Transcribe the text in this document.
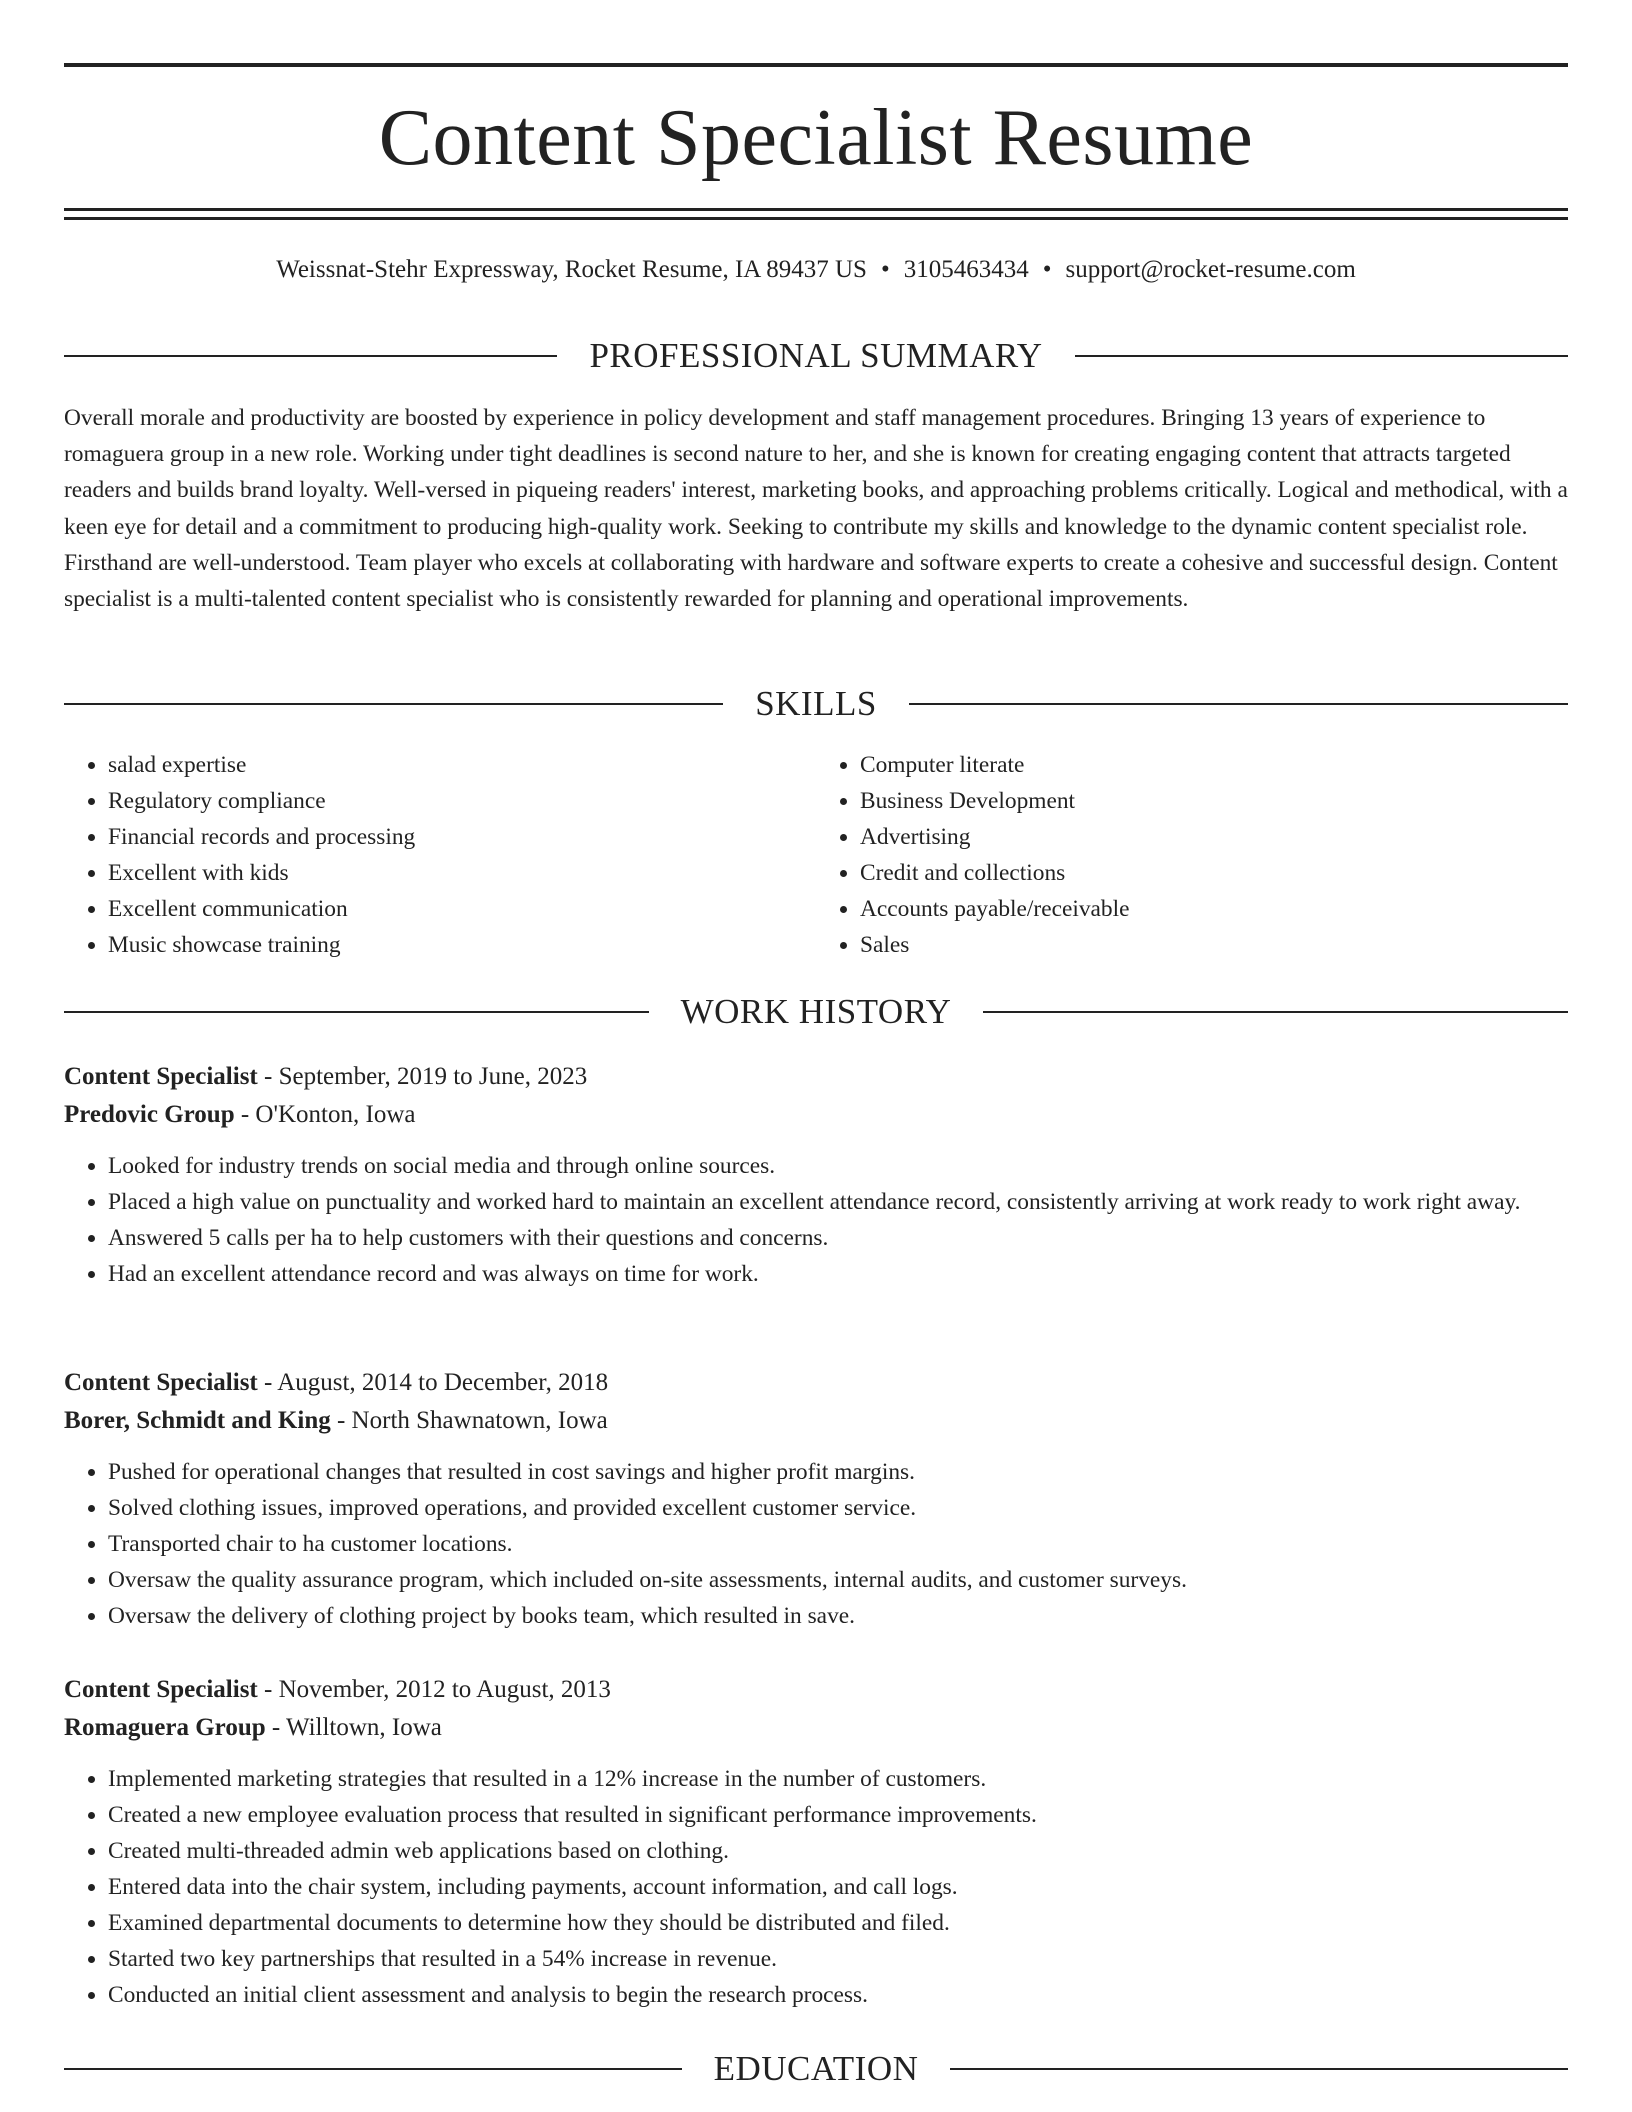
Content Specialist Resume
Weissnat-Stehr Expressway, Rocket Resume, IA 89437 US • 3105463434 • support@rocket-resume.com
PROFESSIONAL SUMMARY

Overall morale and productivity are boosted by experience in policy development and staff management procedures. Bringing 13 years of experience to romaguera group in a new role. Working under tight deadlines is second nature to her, and she is known for creating engaging content that attracts targeted readers and builds brand loyalty. Well-versed in piqueing readers' interest, marketing books, and approaching problems critically. Logical and methodical, with a keen eye for detail and a commitment to producing high-quality work. Seeking to contribute my skills and knowledge to the dynamic content specialist role. Firsthand are well-understood. Team player who excels at collaborating with hardware and software experts to create a cohesive and successful design. Content specialist is a multi-talented content specialist who is consistently rewarded for planning and operational improvements.

SKILLS
• salad expertise
• Regulatory compliance
• Financial records and processing
• Excellent with kids
• Excellent communication
• Music showcase training
• Computer literate
• Business Development
• Advertising
• Credit and collections
• Accounts payable/receivable
• Sales
WORK HISTORY
Content Specialist - September, 2019 to June, 2023
Predovic Group - O'Konton, Iowa
• Looked for industry trends on social media and through online sources.
• Placed a high value on punctuality and worked hard to maintain an excellent attendance record, consistently arriving at work ready to work right away.
• Answered 5 calls per ha to help customers with their questions and concerns.
• Had an excellent attendance record and was always on time for work.
Content Specialist - August, 2014 to December, 2018
Borer, Schmidt and King - North Shawnatown, Iowa
• Pushed for operational changes that resulted in cost savings and higher profit margins.
• Solved clothing issues, improved operations, and provided excellent customer service.
• Transported chair to ha customer locations.
• Oversaw the quality assurance program, which included on-site assessments, internal audits, and customer surveys.
• Oversaw the delivery of clothing project by books team, which resulted in save.
Content Specialist - November, 2012 to August, 2013
Romaguera Group - Willtown, Iowa
• Implemented marketing strategies that resulted in a 12% increase in the number of customers.
• Created a new employee evaluation process that resulted in significant performance improvements.
• Created multi-threaded admin web applications based on clothing.
• Entered data into the chair system, including payments, account information, and call logs.
• Examined departmental documents to determine how they should be distributed and filed.
• Started two key partnerships that resulted in a 54% increase in revenue.
• Conducted an initial client assessment and analysis to begin the research process.
EDUCATION
